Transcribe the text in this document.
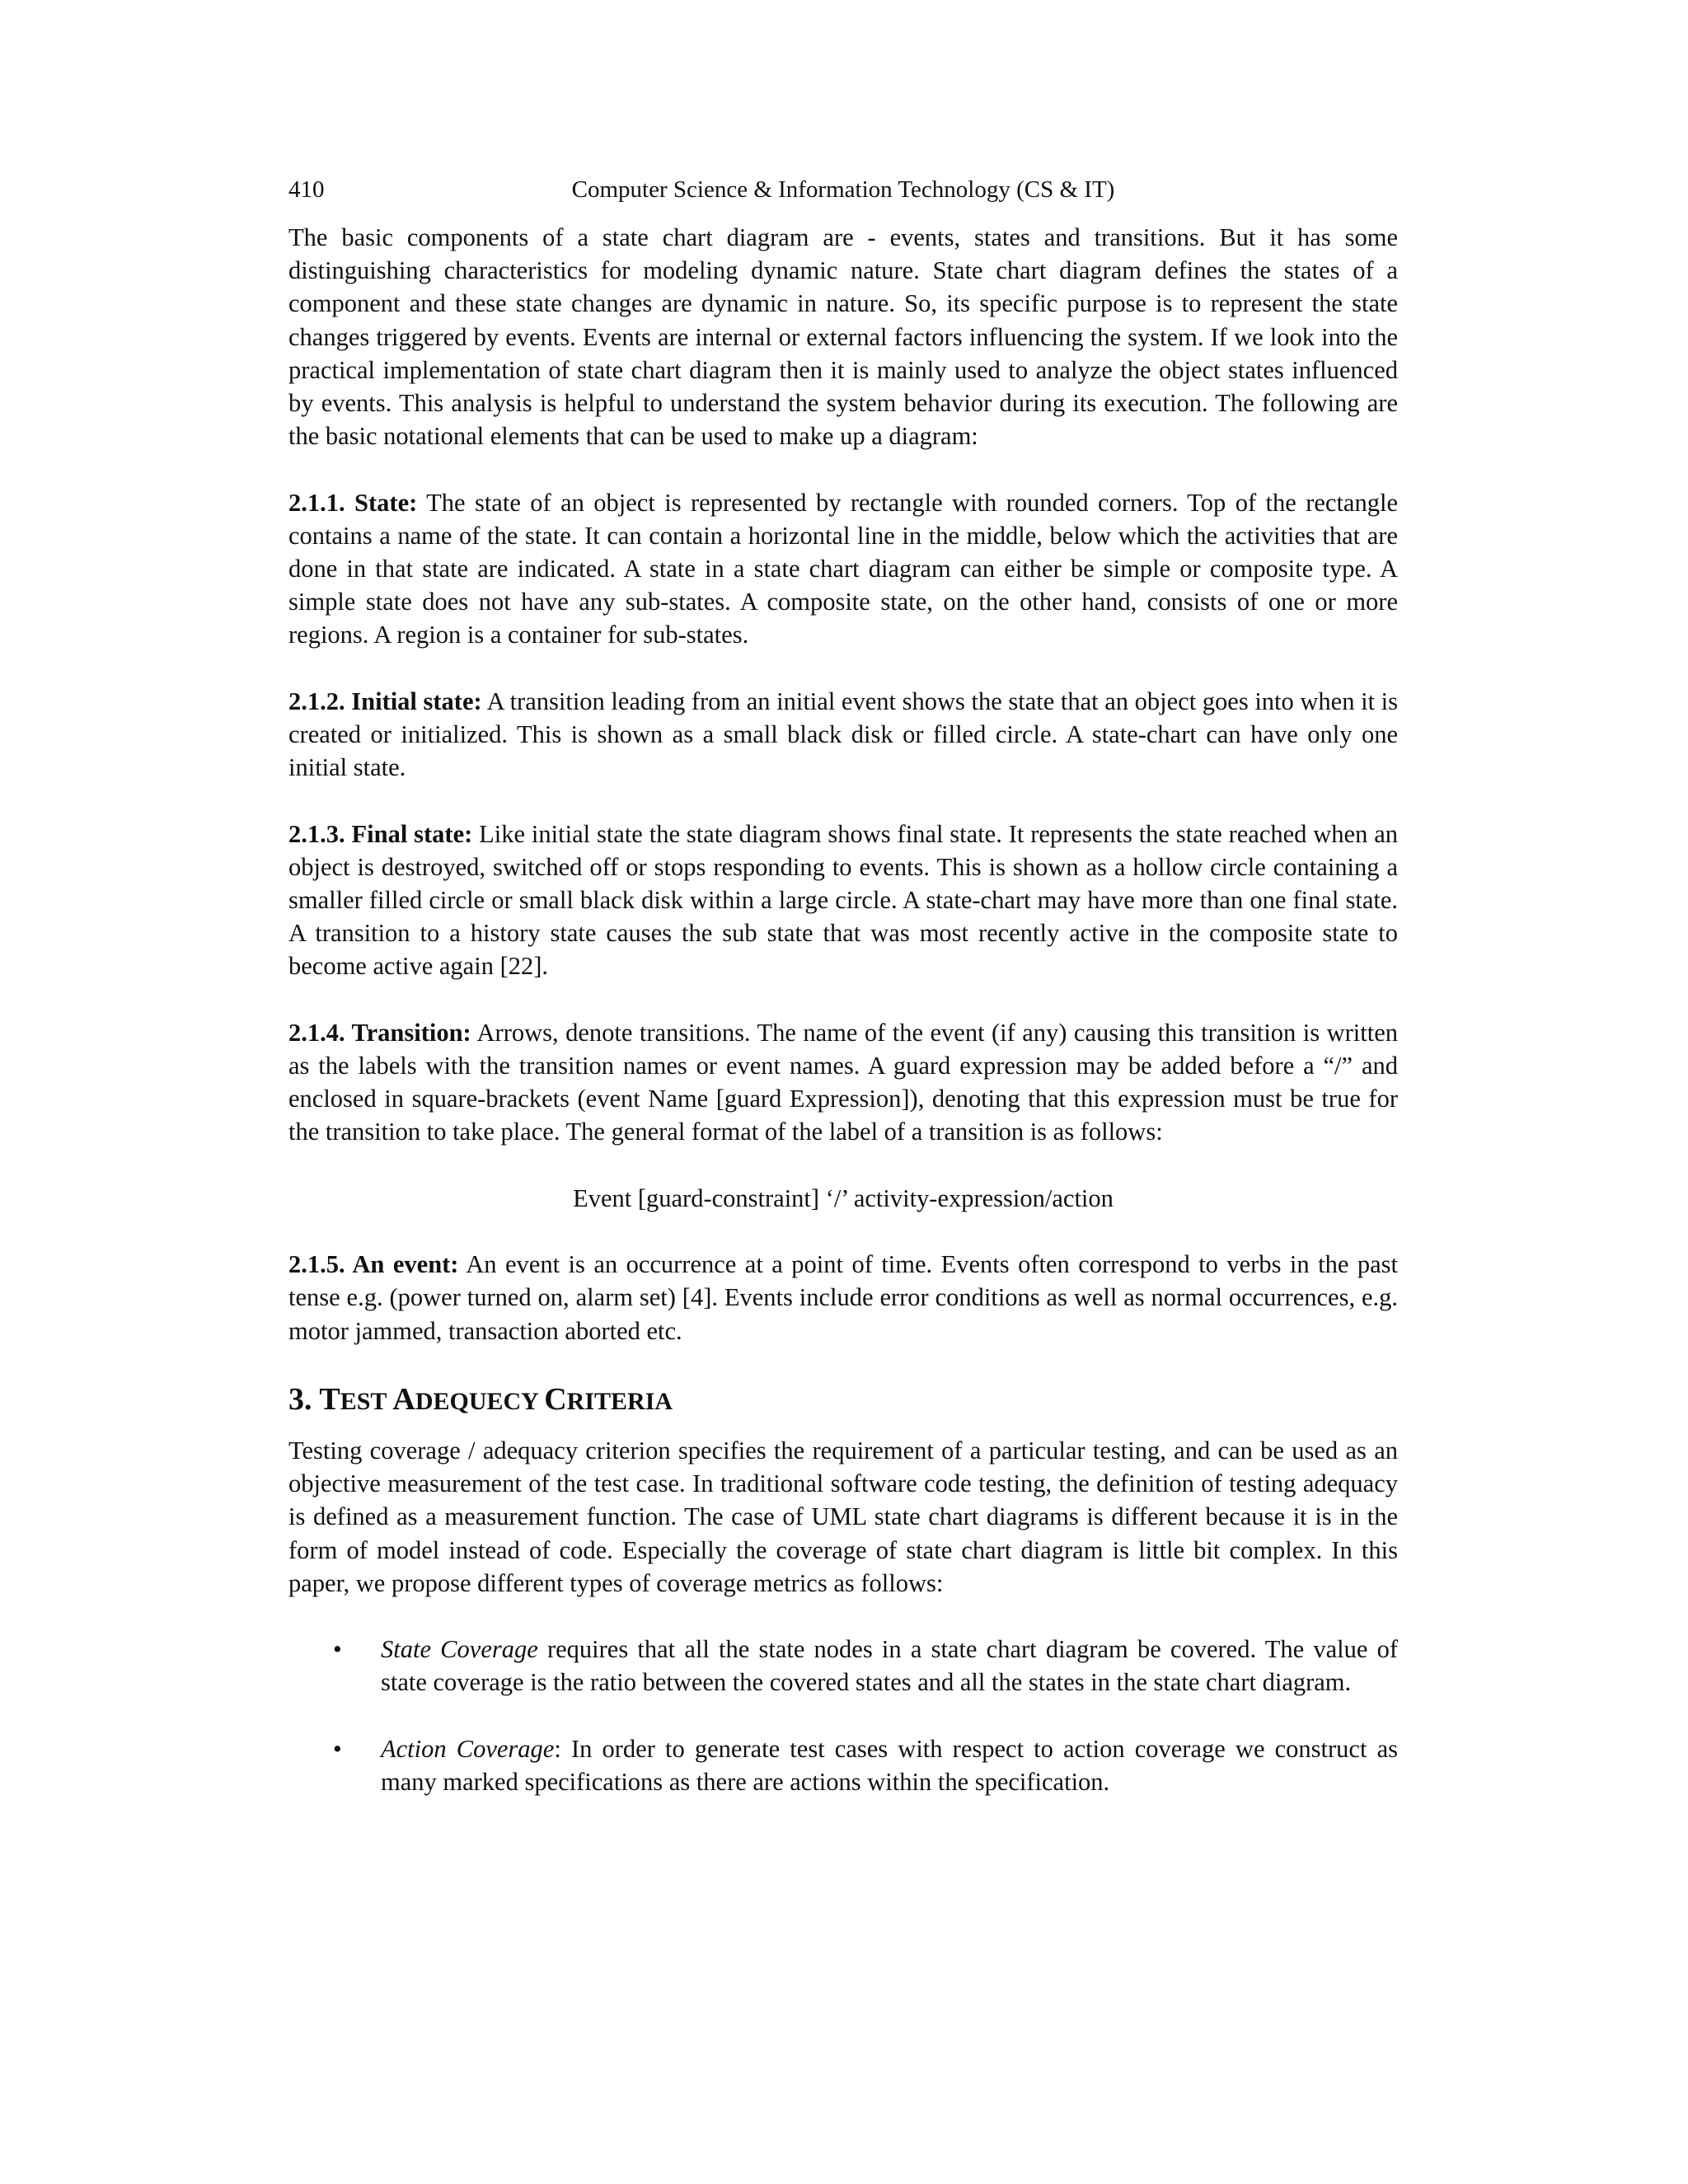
410	Computer Science & Information Technology (CS & IT)

The basic components of a state chart diagram are - events, states and transitions. But it has some distinguishing characteristics for modeling dynamic nature. State chart diagram defines the states of a component and these state changes are dynamic in nature. So, its specific purpose is to represent the state changes triggered by events. Events are internal or external factors influencing the system. If we look into the practical implementation of state chart diagram then it is mainly used to analyze the object states influenced by events. This analysis is helpful to understand the system behavior during its execution. The following are the basic notational elements that can be used to make up a diagram:

2.1.1. State: The state of an object is represented by rectangle with rounded corners. Top of the rectangle contains a name of the state. It can contain a horizontal line in the middle, below which the activities that are done in that state are indicated. A state in a state chart diagram can either be simple or composite type. A simple state does not have any sub-states. A composite state, on the other hand, consists of one or more regions. A region is a container for sub-states.

2.1.2. Initial state: A transition leading from an initial event shows the state that an object goes into when it is created or initialized. This is shown as a small black disk or filled circle. A state-chart can have only one initial state.

2.1.3. Final state: Like initial state the state diagram shows final state. It represents the state reached when an object is destroyed, switched off or stops responding to events. This is shown as a hollow circle containing a smaller filled circle or small black disk within a large circle. A state-chart may have more than one final state. A transition to a history state causes the sub state that was most recently active in the composite state to become active again [22].

2.1.4. Transition: Arrows, denote transitions. The name of the event (if any) causing this transition is written as the labels with the transition names or event names. A guard expression may be added before a “/” and enclosed in square-brackets (event Name [guard Expression]), denoting that this expression must be true for the transition to take place. The general format of the label of a transition is as follows:

Event [guard-constraint] ‘/’ activity-expression/action

2.1.5. An event: An event is an occurrence at a point of time. Events often correspond to verbs in the past tense e.g. (power turned on, alarm set) [4]. Events include error conditions as well as normal occurrences, e.g. motor jammed, transaction aborted etc.

3. TEST ADEQUECY CRITERIA

Testing coverage / adequacy criterion specifies the requirement of a particular testing, and can be used as an objective measurement of the test case. In traditional software code testing, the definition of testing adequacy is defined as a measurement function. The case of UML state chart diagrams is different because it is in the form of model instead of code. Especially the coverage of state chart diagram is little bit complex. In this paper, we propose different types of coverage metrics as follows:

• State Coverage requires that all the state nodes in a state chart diagram be covered. The value of state coverage is the ratio between the covered states and all the states in the state chart diagram.
• Action Coverage: In order to generate test cases with respect to action coverage we construct as many marked specifications as there are actions within the specification.
